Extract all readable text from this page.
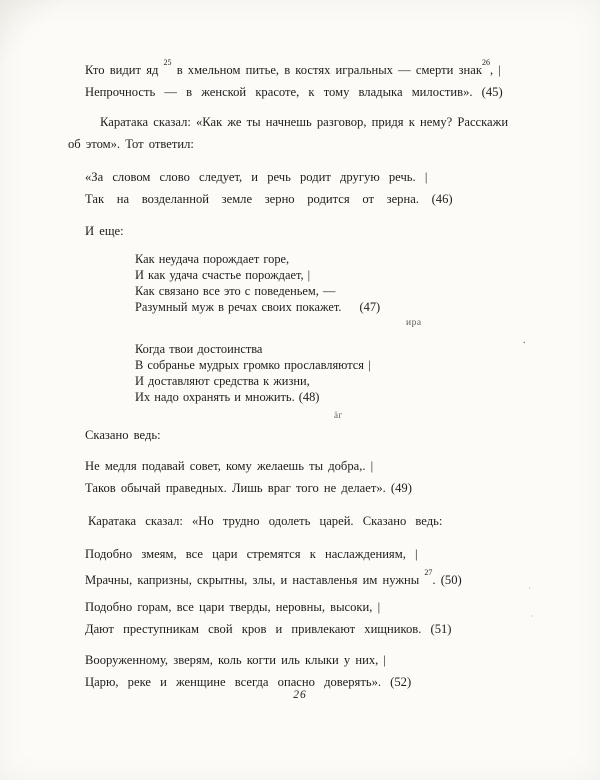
Кто видит яд $^{25}$ в хмельном питье, в костях игральных — смерти знак$^{26}$, |
Непрочность — в женской красоте, к тому владыка милостив». (45)
Каратака сказал: «Как же ты начнешь разговор, придя к нему? Расскажи
об этом». Тот ответил:
«За словом слово следует, и речь родит другую речь. |
Так на возделанной земле зерно родится от зерна. (46)
И еще:
Как неудача порождает горе,
И как удача счастье порождает, |
Как связано все это с поведеньем, —
Разумный муж в речах своих покажет. (47)
ира
Когда твои достоинства
В собранье мудрых громко прославляются |
И доставляют средства к жизни,
Их надо охранять и множить. (48)
äг
Сказано ведь:
Не медля подавай совет, кому желаешь ты добра,. |
Таков обычай праведных. Лишь враг того не делает». (49)
Каратака сказал: «Но трудно одолеть царей. Сказано ведь:
Подобно змеям, все цари стремятся к наслаждениям, |
Мрачны, капризны, скрытны, злы, и наставленья им нужны $^{27}$. (50)
Подобно горам, все цари тверды, неровны, высоки, |
Дают преступникам свой кров и привлекают хищников. (51)
Вооруженному, зверям, коль когти иль клыки у них, |
Царю, реке и женщине всегда опасно доверять». (52)
.
·
·
26
